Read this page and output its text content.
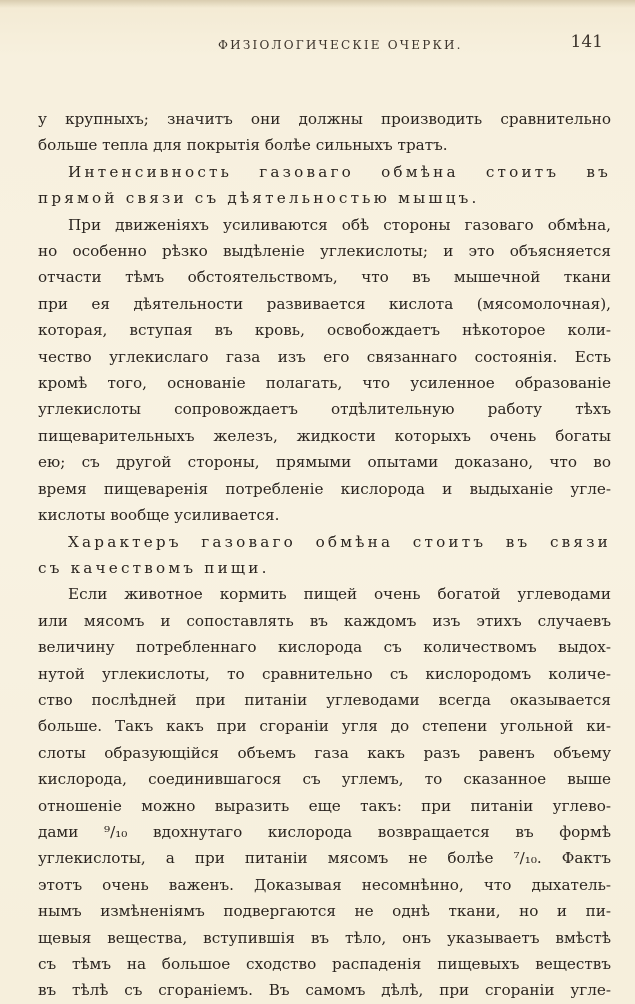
ФИЗІОЛОГИЧЕСКІЕ ОЧЕРКИ.	141
у крупныхъ; значитъ они должны производить сравнительно
больше тепла для покрытія болѣе сильныхъ тратъ.
Интенсивность газоваго обмѣна стоитъ въ
прямой связи съ дѣятельностью мышцъ.
При движеніяхъ усиливаются обѣ стороны газоваго обмѣна,
но особенно рѣзко выдѣленіе углекислоты; и это объясняется
отчасти тѣмъ обстоятельствомъ, что въ мышечной ткани
при ея дѣятельности развивается кислота (мясомолочная),
которая, вступая въ кровь, освобождаетъ нѣкоторое коли-
чество углекислаго газа изъ его связаннаго состоянія. Есть
кромѣ того, основаніе полагать, что усиленное образованіе
углекислоты сопровождаетъ отдѣлительную работу тѣхъ
пищеварительныхъ железъ, жидкости которыхъ очень богаты
ею; съ другой стороны, прямыми опытами доказано, что во
время пищеваренія потребленіе кислорода и выдыханіе угле-
кислоты вообще усиливается.
Характеръ газоваго обмѣна стоитъ въ связи
съ качествомъ пищи.
Если животное кормить пищей очень богатой углеводами
или мясомъ и сопоставлять въ каждомъ изъ этихъ случаевъ
величину потребленнаго кислорода съ количествомъ выдох-
нутой углекислоты, то сравнительно съ кислородомъ количе-
ство послѣдней при питаніи углеводами всегда оказывается
больше. Такъ какъ при сгораніи угля до степени угольной ки-
слоты образующійся объемъ газа какъ разъ равенъ объему
кислорода, соединившагося съ углемъ, то сказанное выше
отношеніе можно выразить еще такъ: при питаніи углево-
дами ⁹/₁₀ вдохнутаго кислорода возвращается въ формѣ
углекислоты, а при питаніи мясомъ не болѣе ⁷/₁₀. Фактъ
этотъ очень важенъ. Доказывая несомнѣнно, что дыхатель-
нымъ измѣненіямъ подвергаются не однѣ ткани, но и пи-
щевыя вещества, вступившія въ тѣло, онъ указываетъ вмѣстѣ
съ тѣмъ на большое сходство распаденія пищевыхъ веществъ
въ тѣлѣ съ сгораніемъ. Въ самомъ дѣлѣ, при сгораніи угле-
